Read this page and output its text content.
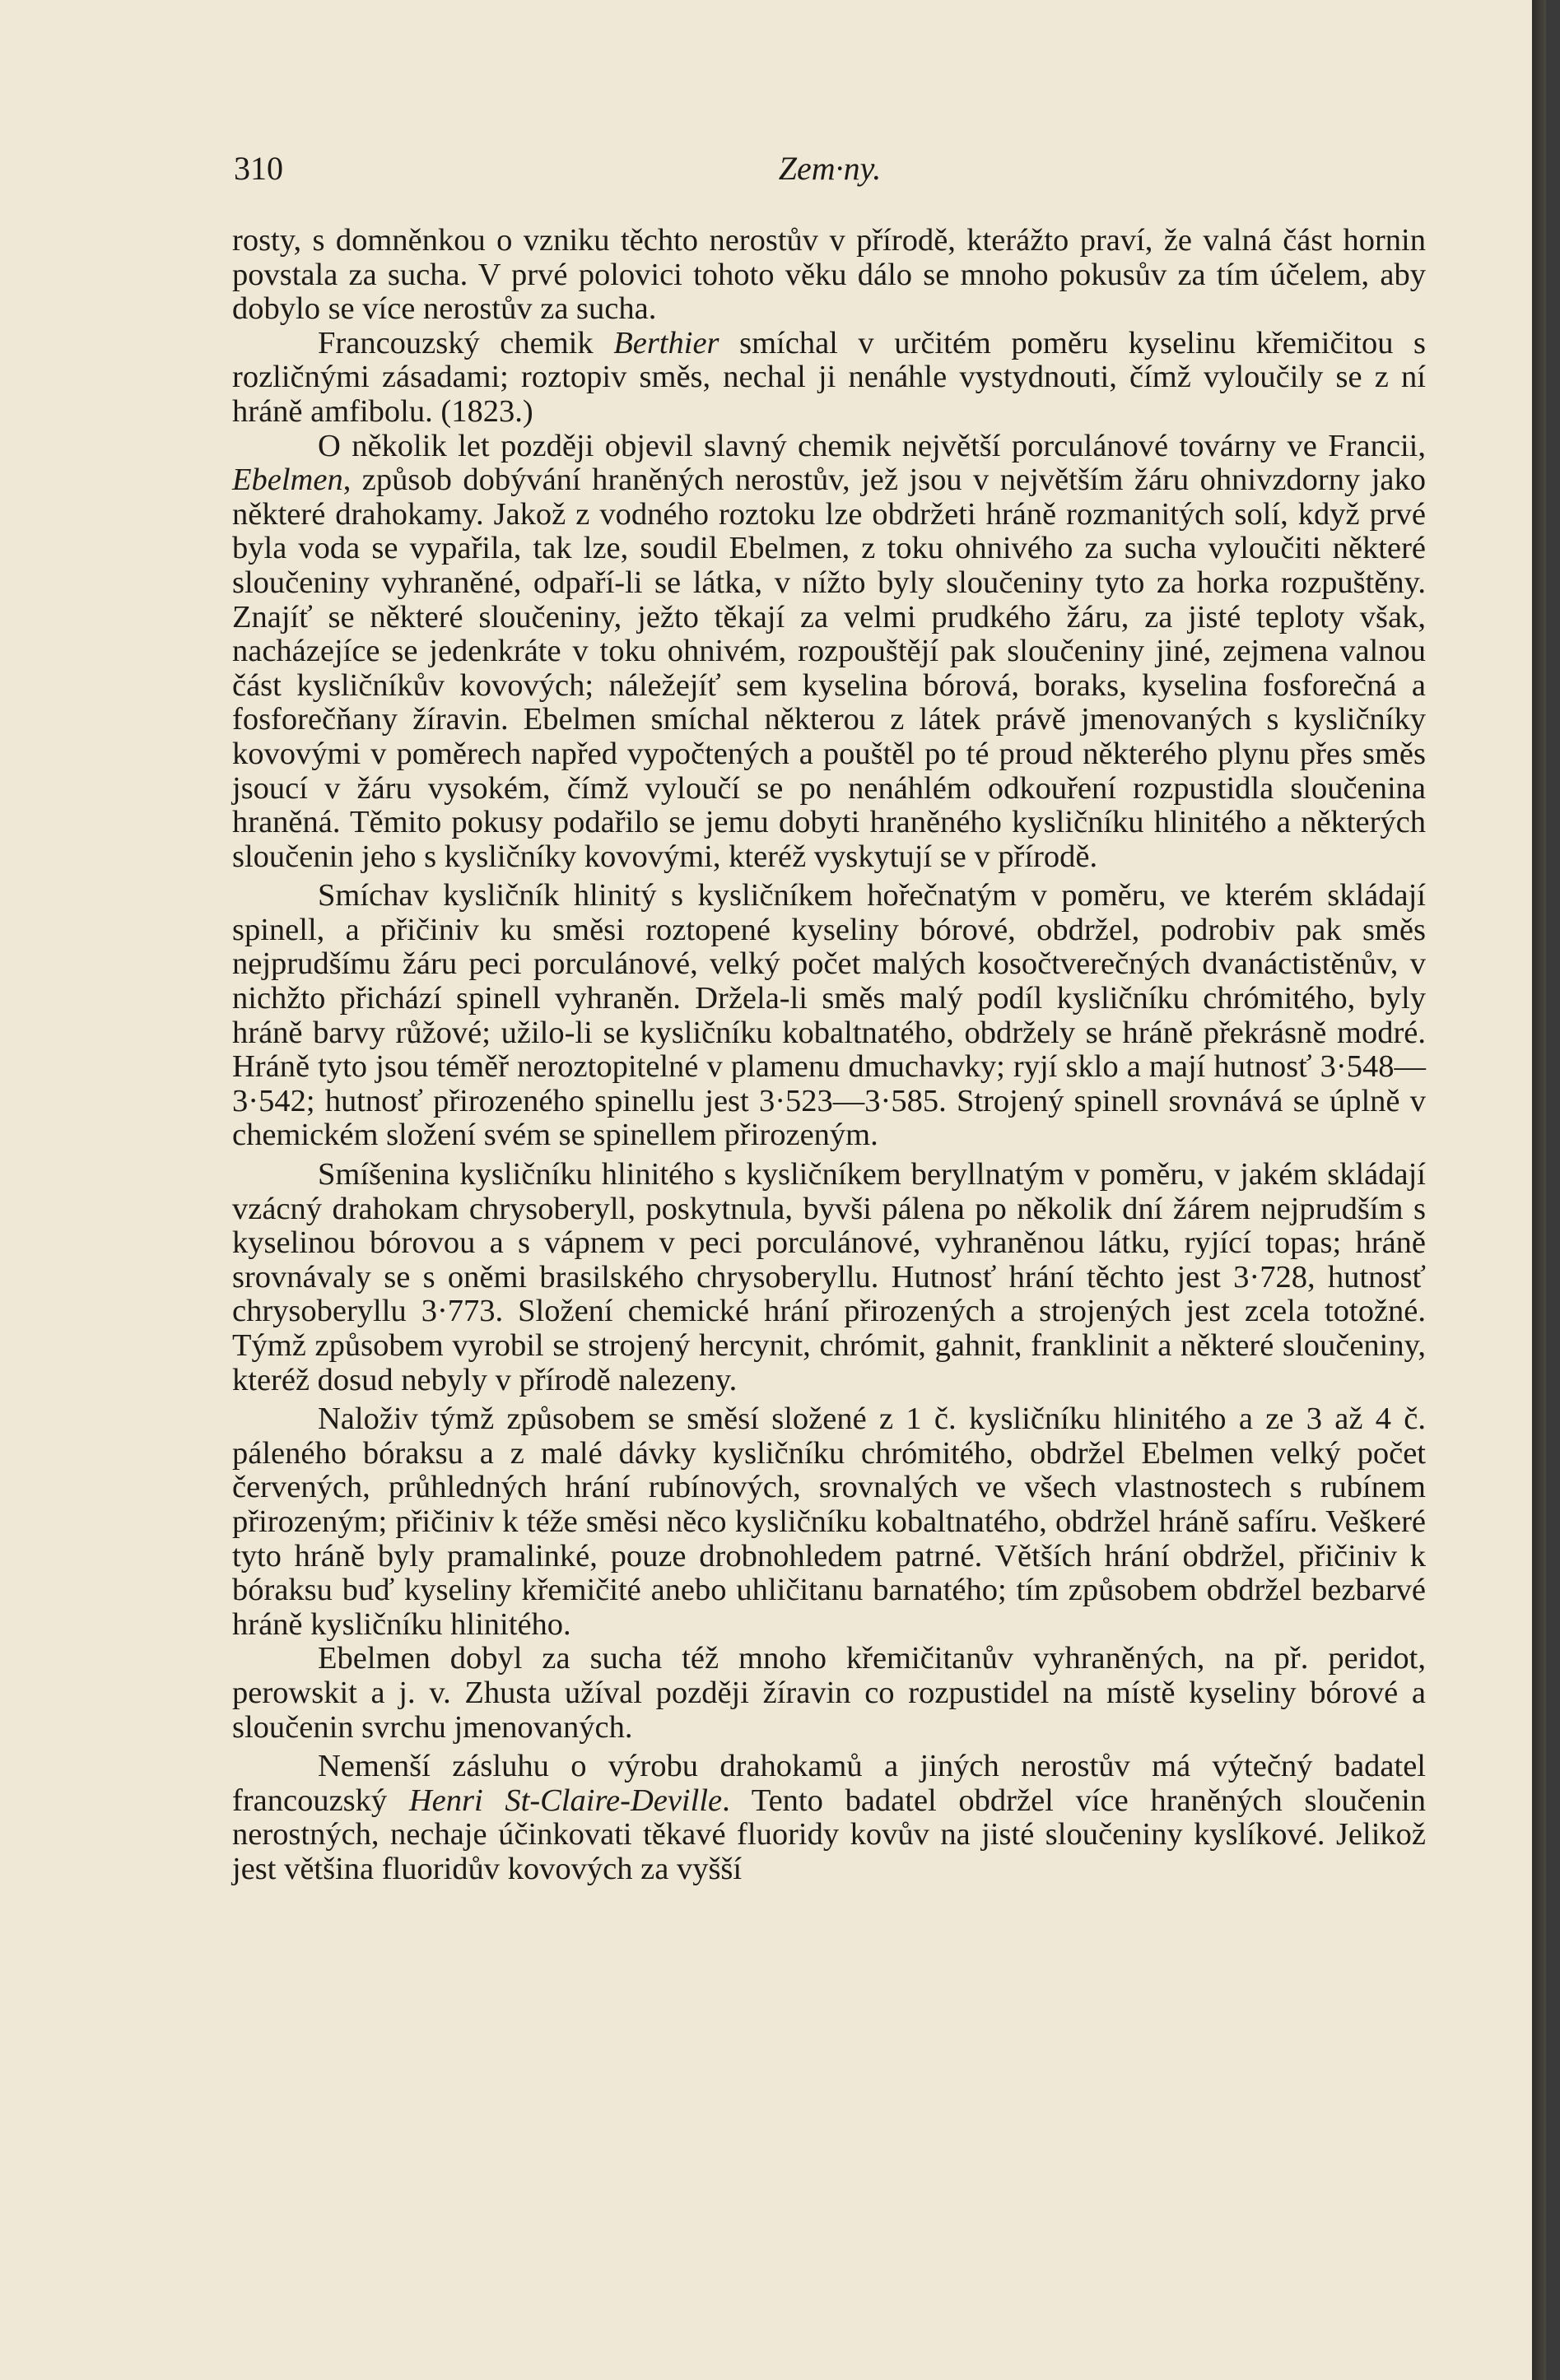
310	Zem·ny.

rosty, s domněnkou o vzniku těchto nerostův v přírodě, kterážto praví, že valná část hornin povstala za sucha. V prvé polovici tohoto věku dálo se mnoho pokusův za tím účelem, aby dobylo se více nerostův za sucha.

Francouzský chemik Berthier smíchal v určitém poměru kyselinu křemičitou s rozličnými zásadami; roztopiv směs, nechal ji nenáhle vystydnouti, čímž vyloučily se z ní hráně amfibolu. (1823.)

O několik let později objevil slavný chemik největší porculánové továrny ve Francii, Ebelmen, způsob dobývání hraněných nerostův, jež jsou v největším žáru ohnivzdorny jako některé drahokamy. Jakož z vodného roztoku lze obdržeti hráně rozmanitých solí, když prvé byla voda se vypařila, tak lze, soudil Ebelmen, z toku ohnivého za sucha vyloučiti některé sloučeniny vyhraněné, odpaří-li se látka, v nížto byly sloučeniny tyto za horka rozpuštěny. Znajíť se některé sloučeniny, ježto těkají za velmi prudkého žáru, za jisté teploty však, nacházejíce se jedenkráte v toku ohnivém, rozpouštějí pak sloučeniny jiné, zejmena valnou část kysličníkův kovových; náležejíť sem kyselina bórová, boraks, kyselina fosforečná a fosforečňany žíravin. Ebelmen smíchal některou z látek právě jmenovaných s kysličníky kovovými v poměrech napřed vypočtených a pouštěl po té proud některého plynu přes směs jsoucí v žáru vysokém, čímž vyloučí se po nenáhlém odkouření rozpustidla sloučenina hraněná. Těmito pokusy podařilo se jemu dobyti hraněného kysličníku hlinitého a některých sloučenin jeho s kysličníky kovovými, kteréž vyskytují se v přírodě.

Smíchav kysličník hlinitý s kysličníkem hořečnatým v poměru, ve kterém skládají spinell, a přičiniv ku směsi roztopené kyseliny bórové, obdržel, podrobiv pak směs nejprudšímu žáru peci porculánové, velký počet malých kosočtverečných dvanáctistěnův, v nichžto přichází spinell vyhraněn. Držela-li směs malý podíl kysličníku chrómitého, byly hráně barvy růžové; užilo-li se kysličníku kobaltnatého, obdržely se hráně překrásně modré. Hráně tyto jsou téměř neroztopitelné v plamenu dmuchavky; ryjí sklo a mají hutnosť 3·548—3·542; hutnosť přirozeného spinellu jest 3·523—3·585. Strojený spinell srovnává se úplně v chemickém složení svém se spinellem přirozeným.

Smíšenina kysličníku hlinitého s kysličníkem beryllnatým v poměru, v jakém skládají vzácný drahokam chrysoberyll, poskytnula, byvši pálena po několik dní žárem nejprudším s kyselinou bórovou a s vápnem v peci porculánové, vyhraněnou látku, ryjící topas; hráně srovnávaly se s oněmi brasilského chrysoberyllu. Hutnosť hrání těchto jest 3·728, hutnosť chrysoberyllu 3·773. Složení chemické hrání přirozených a strojených jest zcela totožné. Týmž způsobem vyrobil se strojený hercynit, chrómit, gahnit, franklinit a některé sloučeniny, kteréž dosud nebyly v přírodě nalezeny.

Naloživ týmž způsobem se směsí složené z 1 č. kysličníku hlinitého a ze 3 až 4 č. páleného bóraksu a z malé dávky kysličníku chrómitého, obdržel Ebelmen velký počet červených, průhledných hrání rubínových, srovnalých ve všech vlastnostech s rubínem přirozeným; přičiniv k téže směsi něco kysličníku kobaltnatého, obdržel hráně safíru. Veškeré tyto hráně byly pramalinké, pouze drobnohledem patrné. Větších hrání obdržel, přičiniv k bóraksu buď kyseliny křemičité anebo uhličitanu barnatého; tím způsobem obdržel bezbarvé hráně kysličníku hlinitého.

Ebelmen dobyl za sucha též mnoho křemičitanův vyhraněných, na př. peridot, perowskit a j. v. Zhusta užíval později žíravin co rozpustidel na místě kyseliny bórové a sloučenin svrchu jmenovaných.

Nemenší zásluhu o výrobu drahokamů a jiných nerostův má výtečný badatel francouzský Henri St-Claire-Deville. Tento badatel obdržel více hraněných sloučenin nerostných, nechaje účinkovati těkavé fluoridy kovův na jisté sloučeniny kyslíkové. Jelikož jest většina fluoridův kovových za vyšší
